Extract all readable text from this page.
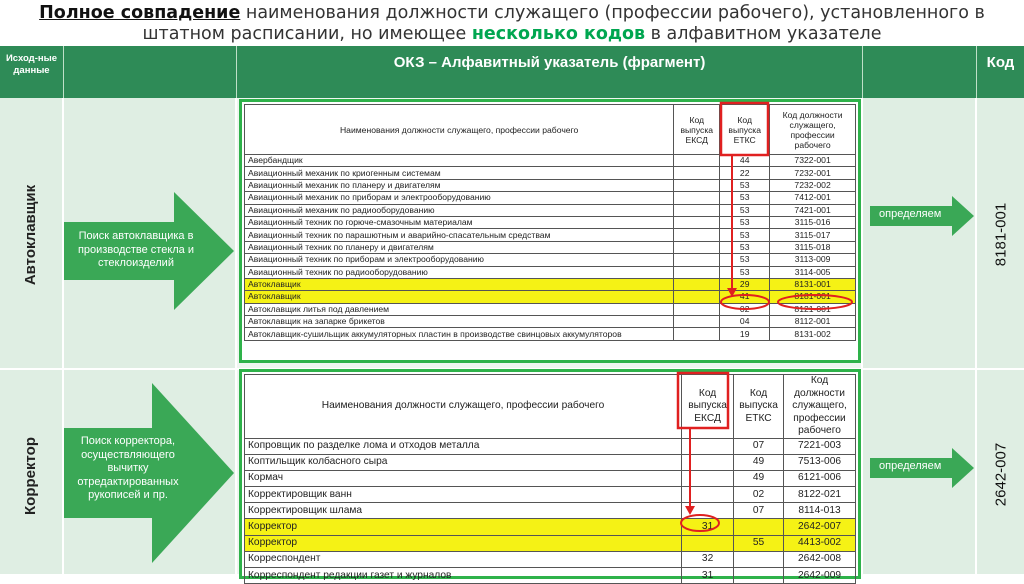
Полное совпадение наименования должности служащего (профессии рабочего), установленного в штатном расписании, но имеющее несколько кодов в алфавитном указателе
Исход-ные данные	ОКЗ – Алфавитный указатель (фрагмент)	Код
Автоклавщик
Корректор
Поиск автоклавщика в производстве стекла и стеклоизделий
Поиск корректора, осуществляющего вычитку отредактированных рукописей и пр.
определяем
определяем
8181-001
2642-007
Наименования должности служащего, профессии рабочего	Код выпуска ЕКСД	Код выпуска ЕТКС	Код должности служащего, профессии рабочего
Авербандщик		44	7322-001
Авиационный механик по криогенным системам		22	7232-001
Авиационный механик по планеру и двигателям		53	7232-002
Авиационный механик по приборам и электрооборудованию		53	7412-001
Авиационный механик по радиооборудованию		53	7421-001
Авиационный техник по горюче-смазочным материалам		53	3115-016
Авиационный техник по парашютным и аварийно-спасательным средствам		53	3115-017
Авиационный техник по планеру и двигателям		53	3115-018
Авиационный техник по приборам и электрооборудованию		53	3113-009
Авиационный техник по радиооборудованию		53	3114-005
Автоклавщик		29	8131-001
Автоклавщик		41	8181-001
Автоклавщик литья под давлением		02	8121-001
Автоклавщик на запарке брикетов		04	8112-001
Автоклавщик-сушильщик аккумуляторных пластин в производстве свинцовых аккумуляторов		19	8131-002
Наименования должности служащего, профессии рабочего	Код выпуска ЕКСД	Код выпуска ЕТКС	Код должности служащего, профессии рабочего
Копровщик по разделке лома и отходов металла		07	7221-003
Коптильщик колбасного сыра		49	7513-006
Кормач		49	6121-006
Корректировщик ванн		02	8122-021
Корректировщик шлама		07	8114-013
Корректор	31		2642-007
Корректор		55	4413-002
Корреспондент	32		2642-008
Корреспондент редакции газет и журналов	31		2642-009
